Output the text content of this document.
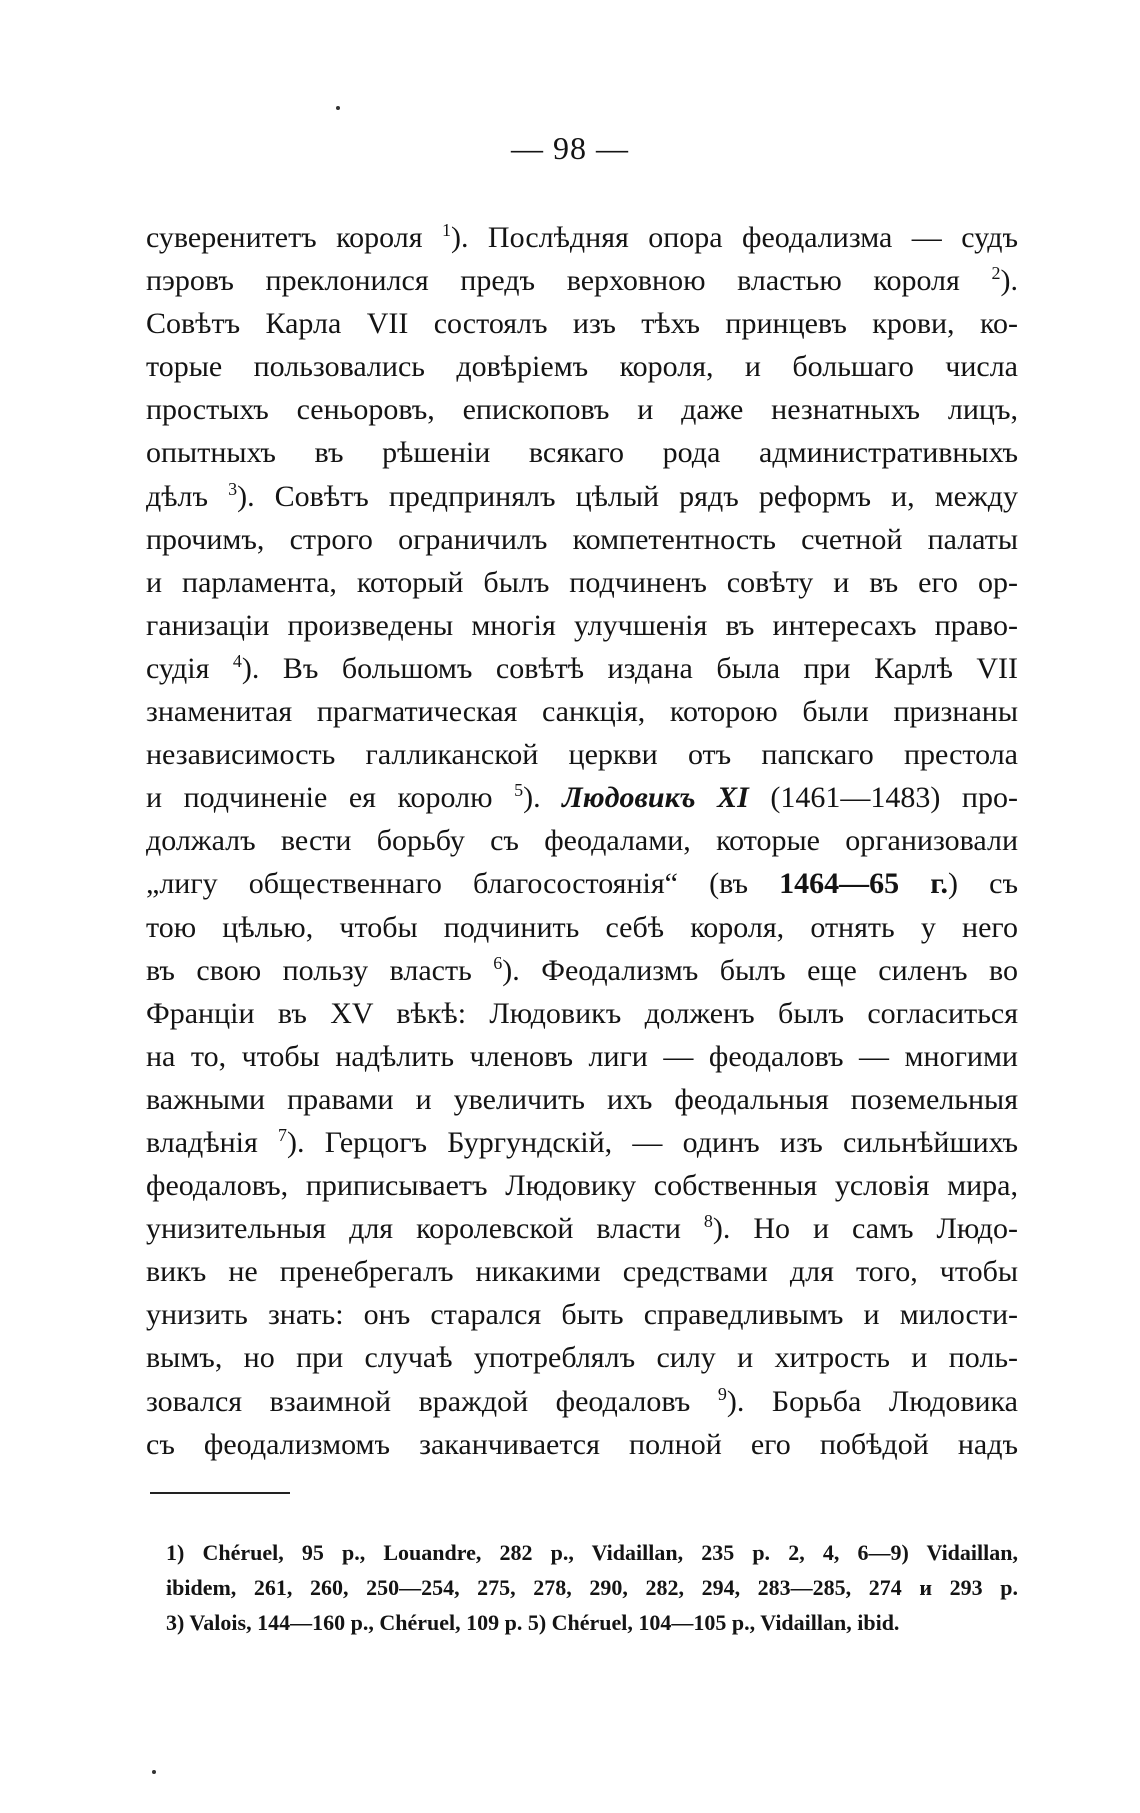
— 98 —
суверенитетъ короля $^1$). Послѣдняя опора феодализма — судъ
пэровъ преклонился предъ верховною властью короля $^2$).
Совѣтъ Карла VII состоялъ изъ тѣхъ принцевъ крови, ко-
торые пользовались довѣріемъ короля, и большаго числа
простыхъ сеньоровъ, епископовъ и даже незнатныхъ лицъ,
опытныхъ въ рѣшеніи всякаго рода административныхъ
дѣлъ $^3$). Совѣтъ предпринялъ цѣлый рядъ реформъ и, между
прочимъ, строго ограничилъ компетентность счетной палаты
и парламента, который былъ подчиненъ совѣту и въ его ор-
ганизаціи произведены многія улучшенія въ интересахъ право-
судія $^4$). Въ большомъ совѣтѣ издана была при Карлѣ VII
знаменитая прагматическая санкція, которою были признаны
независимость галликанской церкви отъ папскаго престола
и подчиненіе ея королю $^5$). Людовикъ XI (1461—1483) про-
должалъ вести борьбу съ феодалами, которые организовали
„лигу общественнаго благосостоянія“ (въ 1464—65 г.) съ
тою цѣлью, чтобы подчинить себѣ короля, отнять у него
въ свою пользу власть $^6$). Феодализмъ былъ еще силенъ во
Франціи въ XV вѣкѣ: Людовикъ долженъ былъ согласиться
на то, чтобы надѣлить членовъ лиги — феодаловъ — многими
важными правами и увеличить ихъ феодальныя поземельныя
владѣнія $^7$). Герцогъ Бургундскій, — одинъ изъ сильнѣйшихъ
феодаловъ, приписываетъ Людовику собственныя условія мира,
унизительныя для королевской власти $^8$). Но и самъ Людо-
викъ не пренебрегалъ никакими средствами для того, чтобы
унизить знать: онъ старался быть справедливымъ и милости-
вымъ, но при случаѣ употреблялъ силу и хитрость и поль-
зовался взаимной враждой феодаловъ $^9$). Борьба Людовика
съ феодализмомъ заканчивается полной его побѣдой надъ
1) Chéruel, 95 p., Louandre, 282 p., Vidaillan, 235 p. 2, 4, 6—9) Vidaillan,
ibidem, 261, 260, 250—254, 275, 278, 290, 282, 294, 283—285, 274 и 293 p.
3) Valois, 144—160 p., Chéruel, 109 p. 5) Chéruel, 104—105 p., Vidaillan, ibid.
